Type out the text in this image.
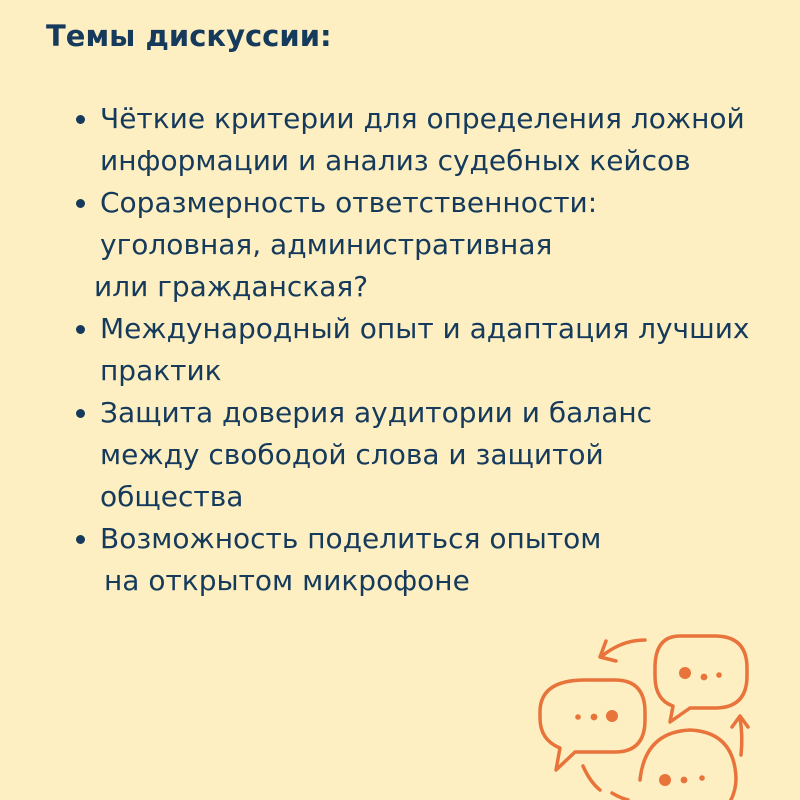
Темы дискуссии:
Чёткие критерии для определения ложной
информации и анализ судебных кейсов
Соразмерность ответственности:
уголовная, административная
или гражданская?
Международный опыт и адаптация лучших
практик
Защита доверия аудитории и баланс
между свободой слова и защитой
общества
Возможность поделиться опытом
на открытом микрофоне
